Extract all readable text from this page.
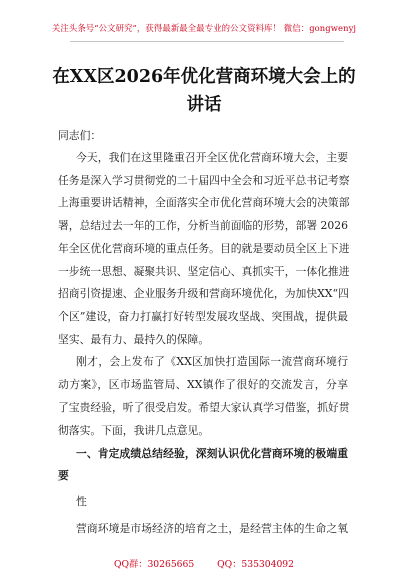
关注头条号“公文研究”，获得最新最全最专业的公文资料库！ 微信：gongwenyj
在XX区2026年优化营商环境大会上的
讲话
同志们：
今天，我们在这里隆重召开全区优化营商环境大会，主要
任务是深入学习贯彻党的二十届四中全会和习近平总书记考察
上海重要讲话精神，全面落实全市优化营商环境大会的决策部
署，总结过去一年的工作，分析当前面临的形势，部署 2026
年全区优化营商环境的重点任务。目的就是要动员全区上下进
一步统一思想、凝聚共识、坚定信心、真抓实干，一体化推进
招商引资提速、企业服务升级和营商环境优化，为加快XX“四
个区”建设，奋力打赢打好转型发展攻坚战、突围战，提供最
坚实、最有力、最持久的保障。
刚才，会上发布了《XX区加快打造国际一流营商环境行
动方案》，区市场监管局、XX镇作了很好的交流发言，分享
了宝贵经验，听了很受启发。希望大家认真学习借鉴，抓好贯
彻落实。下面，我讲几点意见。
一、肯定成绩总结经验，深刻认识优化营商环境的极端重
要
性
营商环境是市场经济的培育之土，是经营主体的生命之氧
QQ群：30265665 QQ：535304092
